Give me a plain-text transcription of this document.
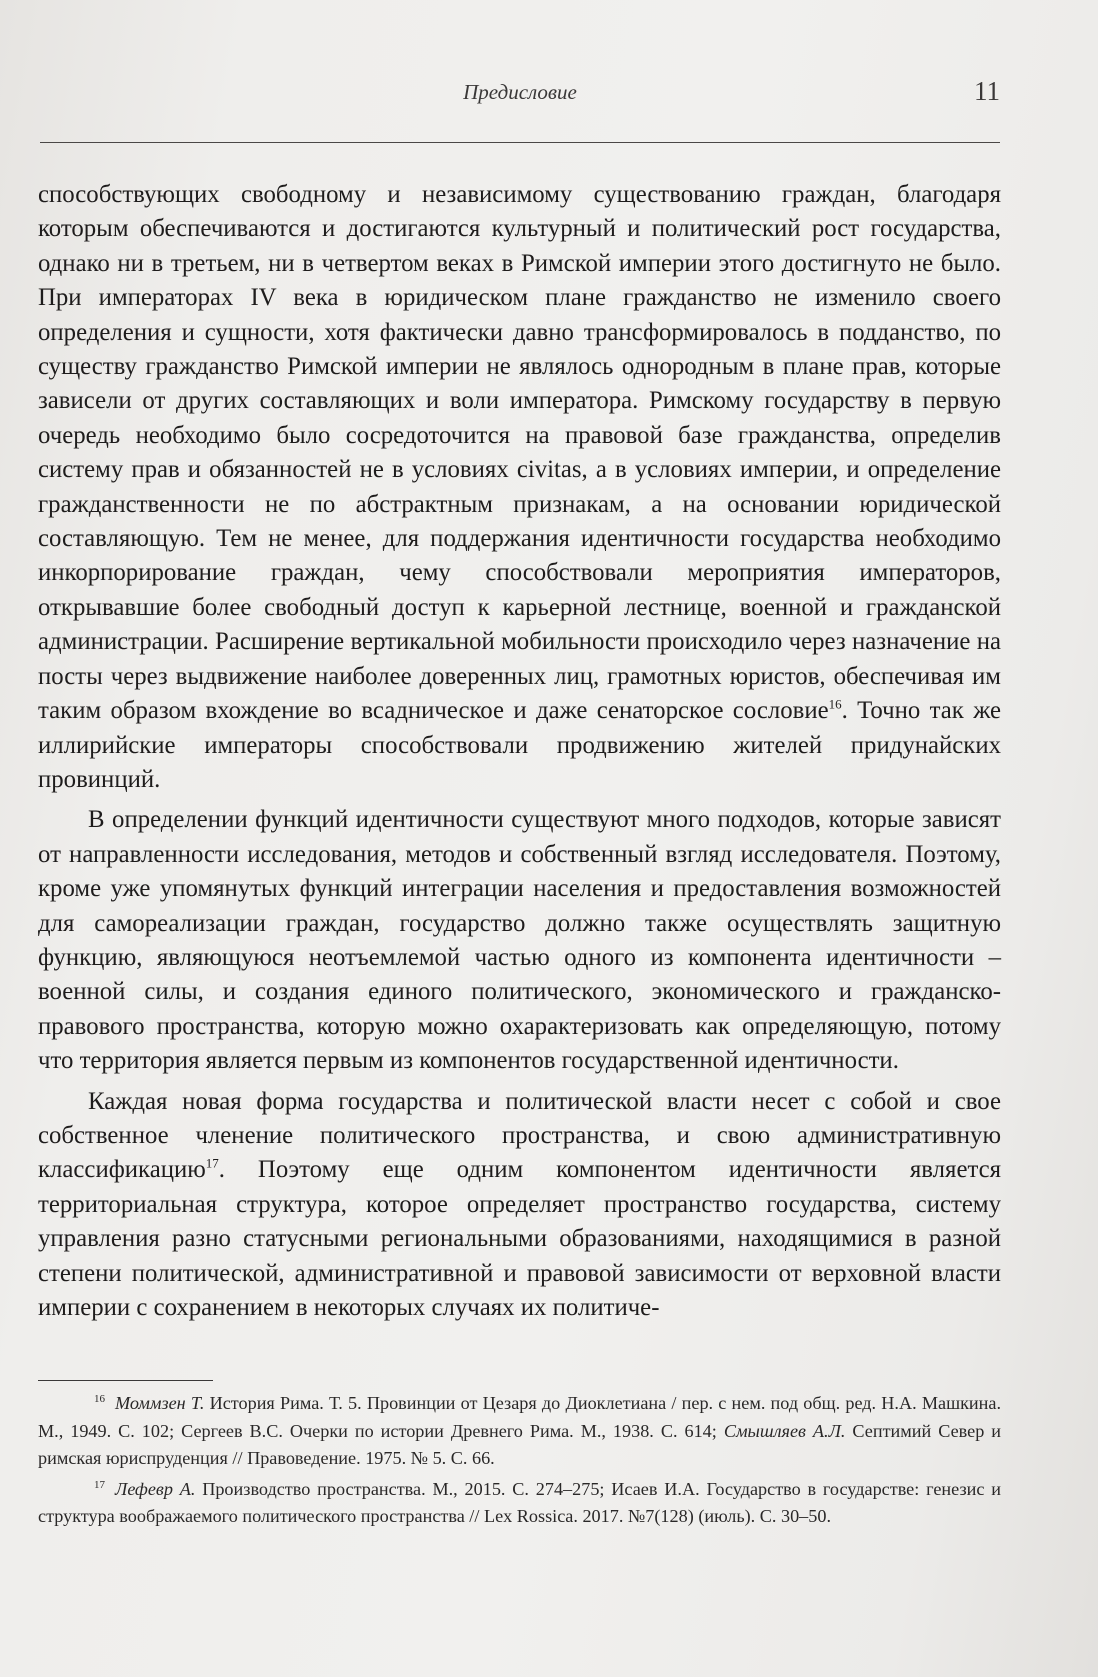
Предисловие	11

способствующих свободному и независимому существованию граждан, благодаря которым обеспечиваются и достигаются культурный и политический рост государства, однако ни в третьем, ни в четвертом веках в Римской империи этого достигнуто не было. При императорах IV века в юридическом плане гражданство не изменило своего определения и сущности, хотя фактически давно трансформировалось в подданство, по существу гражданство Римской империи не являлось однородным в плане прав, которые зависели от других составляющих и воли императора. Римскому государству в первую очередь необходимо было сосредоточится на правовой базе гражданства, определив систему прав и обязанностей не в условиях civitas, а в условиях империи, и определение гражданственности не по абстрактным признакам, а на основании юридической составляющую. Тем не менее, для поддержания идентичности государства необходимо инкорпорирование граждан, чему способствовали мероприятия императоров, открывавшие более свободный доступ к карьерной лестнице, военной и гражданской администрации. Расширение вертикальной мобильности происходило через назначение на посты через выдвижение наиболее доверенных лиц, грамотных юристов, обеспечивая им таким образом вхождение во всадническое и даже сенаторское сословие$^{16}$. Точно так же иллирийские императоры способствовали продвижению жителей придунайских провинций.

В определении функций идентичности существуют много подходов, которые зависят от направленности исследования, методов и собственный взгляд исследователя. Поэтому, кроме уже упомянутых функций интеграции населения и предоставления возможностей для самореализации граждан, государство должно также осуществлять защитную функцию, являющуюся неотъемлемой частью одного из компонента идентичности – военной силы, и создания единого политического, экономического и гражданско-правового пространства, которую можно охарактеризовать как определяющую, потому что территория является первым из компонентов государственной идентичности.

Каждая новая форма государства и политической власти несет с собой и свое собственное членение политического пространства, и свою административную классификацию$^{17}$. Поэтому еще одним компонентом идентичности является территориальная структура, которое определяет пространство государства, систему управления разно статусными региональными образованиями, находящимися в разной степени политической, административной и правовой зависимости от верховной власти империи с сохранением в некоторых случаях их политиче-

$^{16}$ Моммзен Т. История Рима. Т. 5. Провинции от Цезаря до Диоклетиана / пер. с нем. под общ. ред. Н.А. Машкина. М., 1949. С. 102; Сергеев В.С. Очерки по истории Древнего Рима. М., 1938. С. 614; Смышляев А.Л. Септимий Север и римская юриспруденция // Правоведение. 1975. № 5. С. 66.

$^{17}$ Лефевр А. Производство пространства. М., 2015. С. 274–275; Исаев И.А. Государство в государстве: генезис и структура воображаемого политического пространства // Lex Rossica. 2017. №7(128) (июль). С. 30–50.
